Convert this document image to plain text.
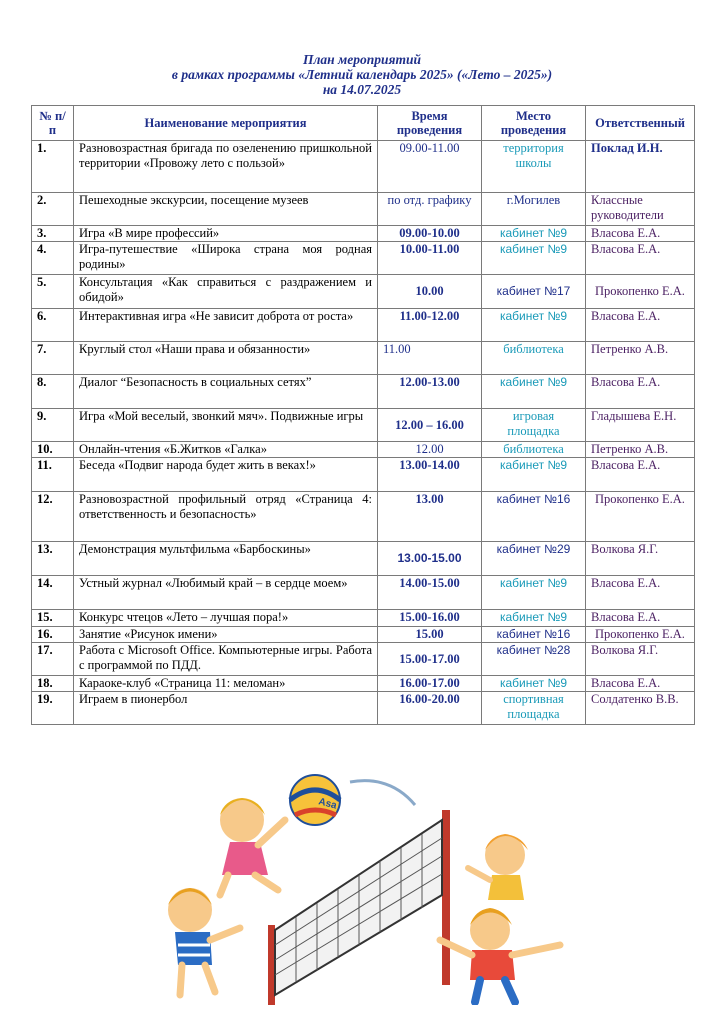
План мероприятий
в рамках программы «Летний календарь 2025» («Лето – 2025»)
на 14.07.2025
№ п/п	Наименование мероприятия	Время проведения	Место проведения	Ответственный
1.	Разновозрастная бригада по озеленению пришкольной территории «Провожу лето с пользой»	09.00-11.00	территория школы	Поклад И.Н.
2.	Пешеходные экскурсии, посещение музеев	по отд. графику	г.Могилев	Классные руководители
3.	Игра «В мире профессий»	09.00-10.00	кабинет №9	Власова Е.А.
4.	Игра-путешествие «Широка страна моя родная родины»	10.00-11.00	кабинет №9	Власова Е.А.
5.	Консультация «Как справиться с раздражением и обидой»	10.00	кабинет №17	Прокопенко Е.А.
6.	Интерактивная игра «Не зависит доброта от роста»	11.00-12.00	кабинет №9	Власова Е.А.
7.	Круглый стол «Наши права и обязанности»	11.00	библиотека	Петренко А.В.
8.	Диалог “Безопасность в социальных сетях”	12.00-13.00	кабинет №9	Власова Е.А.
9.	Игра «Мой веселый, звонкий мяч». Подвижные игры	12.00 – 16.00	игровая площадка	Гладышева Е.Н.
10.	Онлайн-чтения «Б.Житков «Галка»	12.00	библиотека	Петренко А.В.
11.	Беседа «Подвиг народа будет жить в веках!»	13.00-14.00	кабинет №9	Власова Е.А.
12.	Разновозрастной профильный отряд «Страница 4: ответственность и безопасность»	13.00	кабинет №16	Прокопенко Е.А.
13.	Демонстрация мультфильма «Барбоскины»	13.00-15.00	кабинет №29	Волкова Я.Г.
14.	Устный журнал «Любимый край – в сердце моем»	14.00-15.00	кабинет №9	Власова Е.А.
15.	Конкурс чтецов «Лето – лучшая пора!»	15.00-16.00	кабинет №9	Власова Е.А.
16.	Занятие «Рисунок имени»	15.00	кабинет №16	Прокопенко Е.А.
17.	Работа с Microsoft Office. Компьютерные игры. Работа с программой по ПДД.	15.00-17.00	кабинет №28	Волкова Я.Г.
18.	Караоке-клуб «Страница 11: меломан»	16.00-17.00	кабинет №9	Власова Е.А.
19.	Играем в пионербол	16.00-20.00	спортивная площадка	Солдатенко В.В.
Asa
